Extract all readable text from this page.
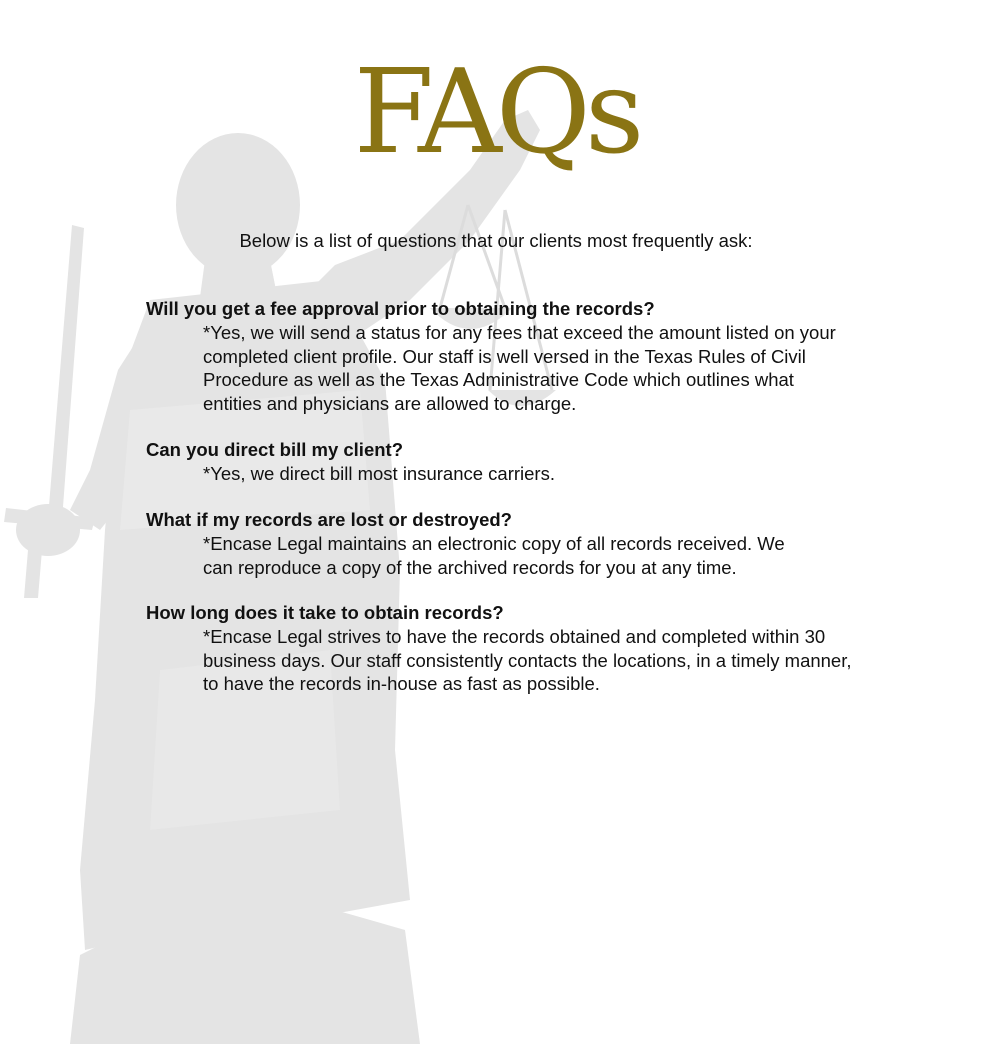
FAQs

Below is a list of questions that our clients most frequently ask:

Will you get a fee approval prior to obtaining the records?

*Yes, we will send a status for any fees that exceed the amount listed on your completed client profile. Our staff is well versed in the Texas Rules of Civil Procedure as well as the Texas Administrative Code which outlines what entities and physicians are allowed to charge.

Can you direct bill my client?

*Yes, we direct bill most insurance carriers.

What if my records are lost or destroyed?

*Encase Legal maintains an electronic copy of all records received. We can reproduce a copy of the archived records for you at any time.

How long does it take to obtain records?

*Encase Legal strives to have the records obtained and completed within 30 business days. Our staff consistently contacts the locations, in a timely manner, to have the records in-house as fast as possible.
